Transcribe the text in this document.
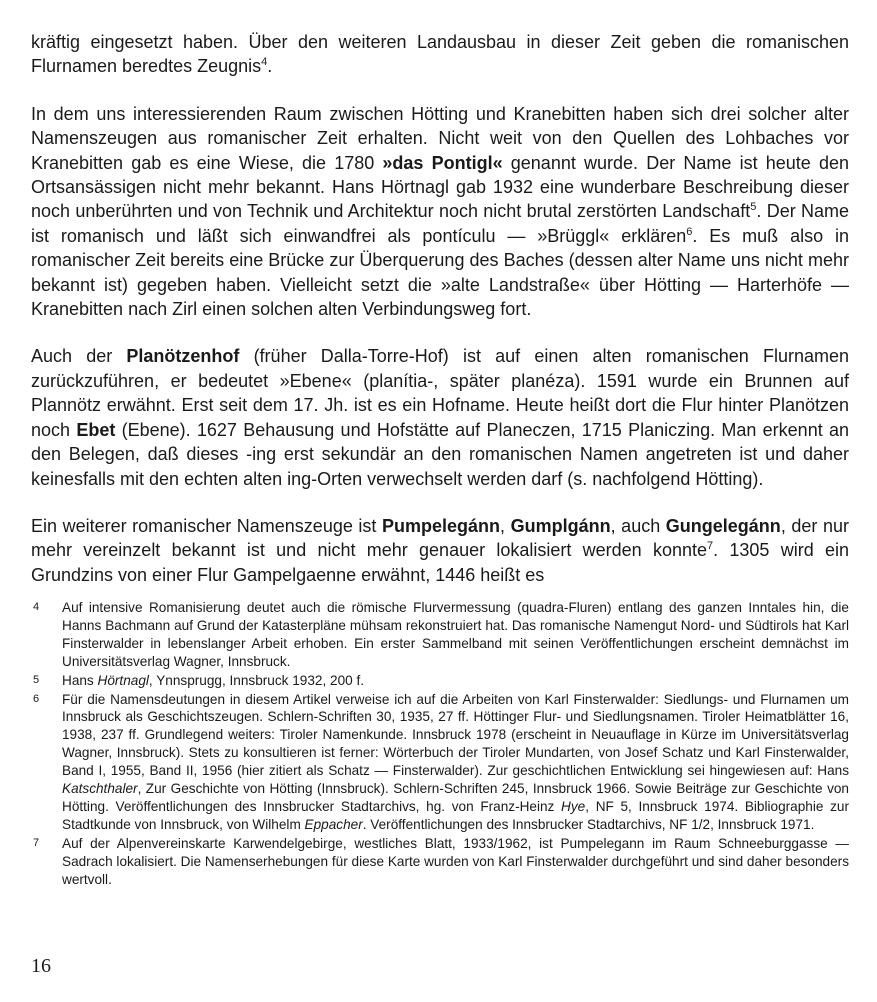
kräftig eingesetzt haben. Über den weiteren Landausbau in dieser Zeit geben die romanischen Flurnamen beredtes Zeugnis$^4$.

In dem uns interessierenden Raum zwischen Hötting und Kranebitten haben sich drei solcher alter Namenszeugen aus romanischer Zeit erhalten. Nicht weit von den Quellen des Lohbaches vor Kranebitten gab es eine Wiese, die 1780 »das Pontigl« genannt wurde. Der Name ist heute den Ortsansässigen nicht mehr bekannt. Hans Hörtnagl gab 1932 eine wunderbare Beschreibung dieser noch unberührten und von Technik und Architektur noch nicht brutal zerstörten Landschaft$^5$. Der Name ist romanisch und läßt sich einwandfrei als pontículu — »Brüggl« erklären$^6$. Es muß also in romanischer Zeit bereits eine Brücke zur Überquerung des Baches (dessen alter Name uns nicht mehr bekannt ist) gegeben haben. Vielleicht setzt die »alte Landstraße« über Hötting — Harterhöfe — Kranebitten nach Zirl einen solchen alten Verbindungsweg fort.

Auch der Planötzenhof (früher Dalla-Torre-Hof) ist auf einen alten romanischen Flurnamen zurückzuführen, er bedeutet »Ebene« (planítia-, später planéza). 1591 wurde ein Brunnen auf Plannötz erwähnt. Erst seit dem 17. Jh. ist es ein Hofname. Heute heißt dort die Flur hinter Planötzen noch Ebet (Ebene). 1627 Behausung und Hofstätte auf Planeczen, 1715 Planiczing. Man erkennt an den Belegen, daß dieses -ing erst sekundär an den romanischen Namen angetreten ist und daher keinesfalls mit den echten alten ing-Orten verwechselt werden darf (s. nachfolgend Hötting).

Ein weiterer romanischer Namenszeuge ist Pumpelegánn, Gumplgánn, auch Gungelegánn, der nur mehr vereinzelt bekannt ist und nicht mehr genauer lokalisiert werden konnte$^7$. 1305 wird ein Grundzins von einer Flur Gampelgaenne erwähnt, 1446 heißt es

4	Auf intensive Romanisierung deutet auch die römische Flurvermessung (quadra-Fluren) entlang des ganzen Inntales hin, die Hanns Bachmann auf Grund der Katasterpläne mühsam rekonstruiert hat. Das romanische Namengut Nord- und Südtirols hat Karl Finsterwalder in lebenslanger Arbeit erhoben. Ein erster Sammelband mit seinen Veröffentlichungen erscheint demnächst im Universitätsverlag Wagner, Innsbruck.
5	Hans Hörtnagl, Ynnsprugg, Innsbruck 1932, 200 f.
6	Für die Namensdeutungen in diesem Artikel verweise ich auf die Arbeiten von Karl Finsterwalder: Siedlungs- und Flurnamen um Innsbruck als Geschichtszeugen. Schlern-Schriften 30, 1935, 27 ff. Höttinger Flur- und Siedlungsnamen. Tiroler Heimatblätter 16, 1938, 237 ff. Grundlegend weiters: Tiroler Namenkunde. Innsbruck 1978 (erscheint in Neuauflage in Kürze im Universitätsverlag Wagner, Innsbruck). Stets zu konsultieren ist ferner: Wörterbuch der Tiroler Mundarten, von Josef Schatz und Karl Finsterwalder, Band I, 1955, Band II, 1956 (hier zitiert als Schatz — Finsterwalder). Zur geschichtlichen Entwicklung sei hingewiesen auf: Hans Katschthaler, Zur Geschichte von Hötting (Innsbruck). Schlern-Schriften 245, Innsbruck 1966. Sowie Beiträge zur Geschichte von Hötting. Veröffentlichungen des Innsbrucker Stadtarchivs, hg. von Franz-Heinz Hye, NF 5, Innsbruck 1974. Bibliographie zur Stadtkunde von Innsbruck, von Wilhelm Eppacher. Veröffentlichungen des Innsbrucker Stadtarchivs, NF 1/2, Innsbruck 1971.
7	Auf der Alpenvereinskarte Karwendelgebirge, westliches Blatt, 1933/1962, ist Pumpelegann im Raum Schneeburggasse — Sadrach lokalisiert. Die Namenserhebungen für diese Karte wurden von Karl Finsterwalder durchgeführt und sind daher besonders wertvoll.
16
